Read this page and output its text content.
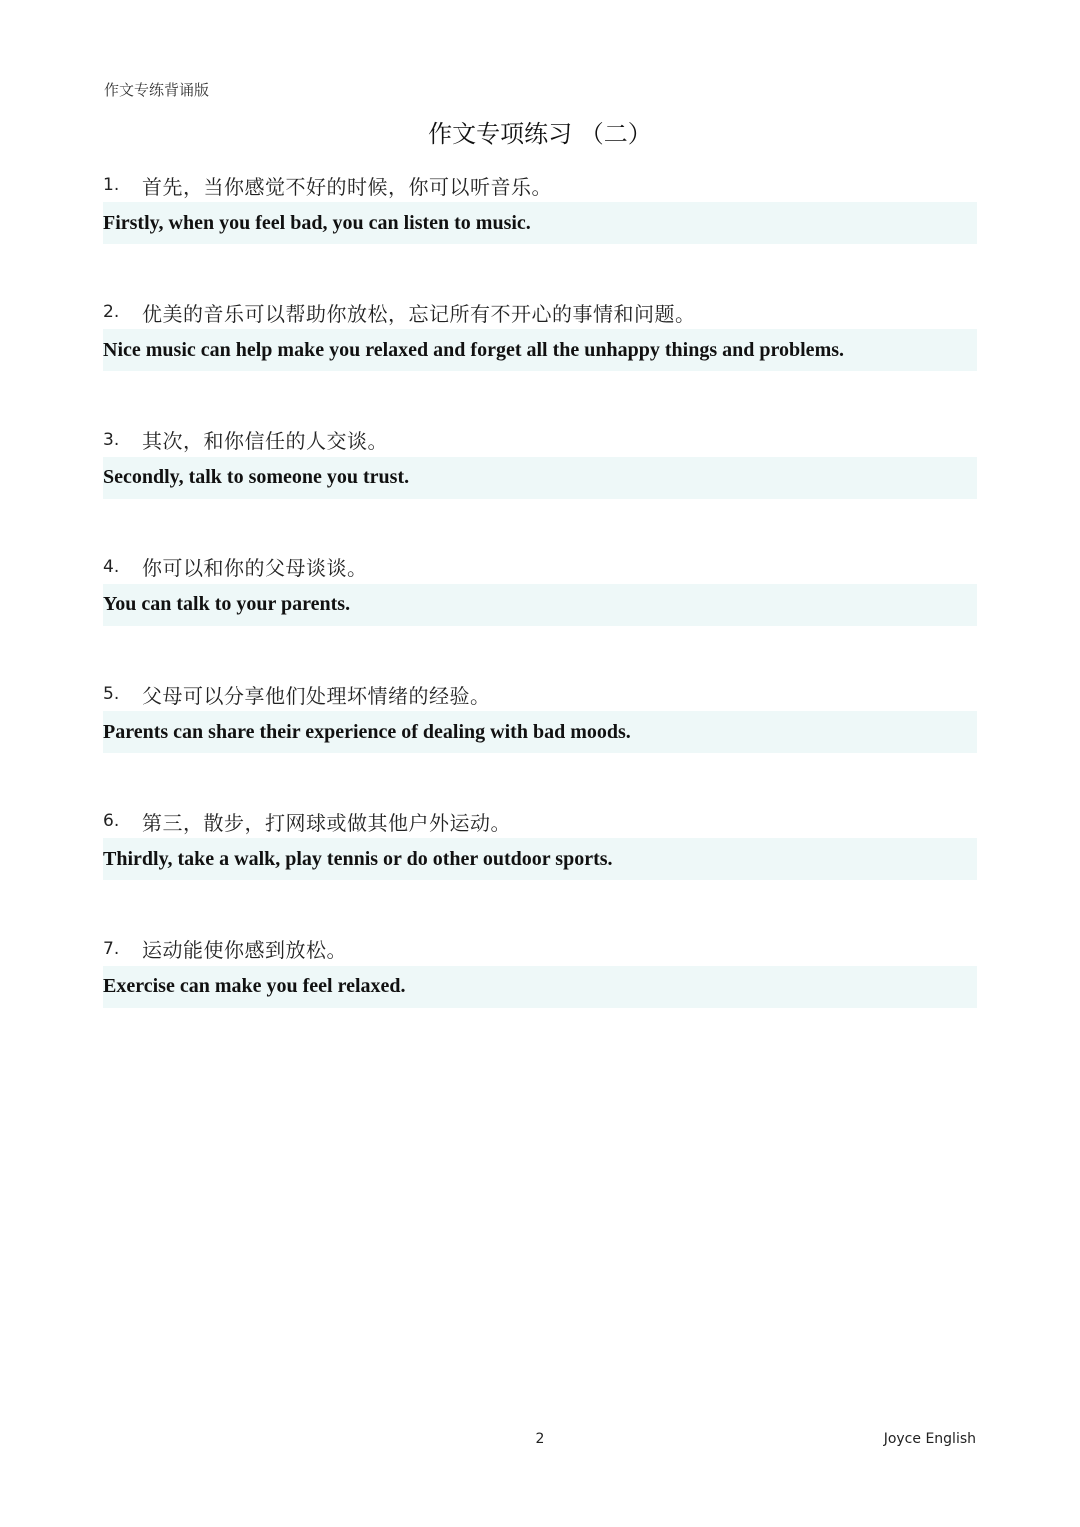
作文专练背诵版
作文专项练习 （二）
1.	首先，当你感觉不好的时候，你可以听音乐。
Firstly, when you feel bad, you can listen to music.
2.	优美的音乐可以帮助你放松，忘记所有不开心的事情和问题。
Nice music can help make you relaxed and forget all the unhappy things and problems.
3.	其次，和你信任的人交谈。
Secondly, talk to someone you trust.
4.	你可以和你的父母谈谈。
You can talk to your parents.
5.	父母可以分享他们处理坏情绪的经验。
Parents can share their experience of dealing with bad moods.
6.	第三，散步，打网球或做其他户外运动。
Thirdly, take a walk, play tennis or do other outdoor sports.
7.	运动能使你感到放松。
Exercise can make you feel relaxed.
2	Joyce English
